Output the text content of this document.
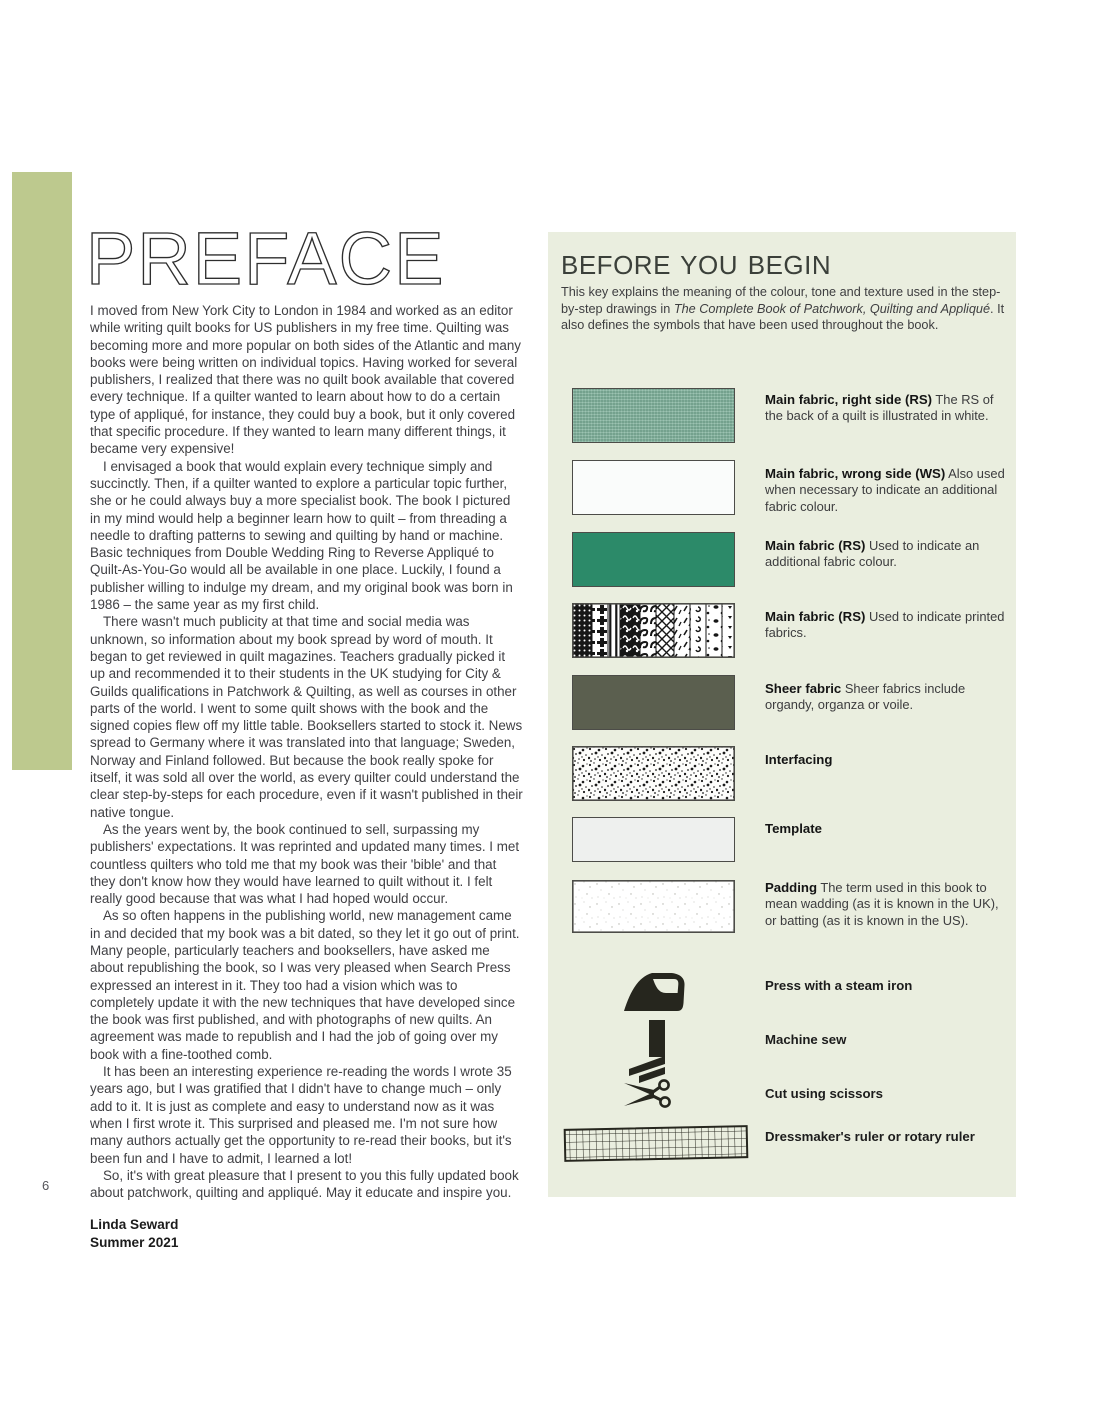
PREFACE

I moved from New York City to London in 1984 and worked as an editor while writing quilt books for US publishers in my free time. Quilting was becoming more and more popular on both sides of the Atlantic and many books were being written on individual topics. Having worked for several publishers, I realized that there was no quilt book available that covered every technique. If a quilter wanted to learn about how to do a certain type of appliqué, for instance, they could buy a book, but it only covered that specific procedure. If they wanted to learn many different things, it became very expensive!

I envisaged a book that would explain every technique simply and succinctly. Then, if a quilter wanted to explore a particular topic further, she or he could always buy a more specialist book. The book I pictured in my mind would help a beginner learn how to quilt – from threading a needle to drafting patterns to sewing and quilting by hand or machine. Basic techniques from Double Wedding Ring to Reverse Appliqué to Quilt-As-You-Go would all be available in one place. Luckily, I found a publisher willing to indulge my dream, and my original book was born in 1986 – the same year as my first child.

There wasn't much publicity at that time and social media was unknown, so information about my book spread by word of mouth. It began to get reviewed in quilt magazines. Teachers gradually picked it up and recommended it to their students in the UK studying for City & Guilds qualifications in Patchwork & Quilting, as well as courses in other parts of the world. I went to some quilt shows with the book and the signed copies flew off my little table. Booksellers started to stock it. News spread to Germany where it was translated into that language; Sweden, Norway and Finland followed. But because the book really spoke for itself, it was sold all over the world, as every quilter could understand the clear step-by-steps for each procedure, even if it wasn't published in their native tongue.

As the years went by, the book continued to sell, surpassing my publishers' expectations. It was reprinted and updated many times. I met countless quilters who told me that my book was their 'bible' and that they don't know how they would have learned to quilt without it. I felt really good because that was what I had hoped would occur.

As so often happens in the publishing world, new management came in and decided that my book was a bit dated, so they let it go out of print. Many people, particularly teachers and booksellers, have asked me about republishing the book, so I was very pleased when Search Press expressed an interest in it. They too had a vision which was to completely update it with the new techniques that have developed since the book was first published, and with photographs of new quilts. An agreement was made to republish and I had the job of going over my book with a fine-toothed comb.

It has been an interesting experience re-reading the words I wrote 35 years ago, but I was gratified that I didn't have to change much – only add to it. It is just as complete and easy to understand now as it was when I first wrote it. This surprised and pleased me. I'm not sure how many authors actually get the opportunity to re-read their books, but it's been fun and I have to admit, I learned a lot!

So, it's with great pleasure that I present to you this fully updated book about patchwork, quilting and appliqué. May it educate and inspire you.

Linda Seward
Summer 2021
6
BEFORE YOU BEGIN

This key explains the meaning of the colour, tone and texture used in the step-by-step drawings in The Complete Book of Patchwork, Quilting and Appliqué. It also defines the symbols that have been used throughout the book.

Main fabric, right side (RS) The RS of the back of a quilt is illustrated in white.

Main fabric, wrong side (WS) Also used when necessary to indicate an additional fabric colour.

Main fabric (RS) Used to indicate an additional fabric colour.

Main fabric (RS) Used to indicate printed fabrics.

Sheer fabric Sheer fabrics include organdy, organza or voile.

Interfacing

Template

Padding The term used in this book to mean wadding (as it is known in the UK), or batting (as it is known in the US).

Press with a steam iron

Machine sew

Cut using scissors

Dressmaker's ruler or rotary ruler
